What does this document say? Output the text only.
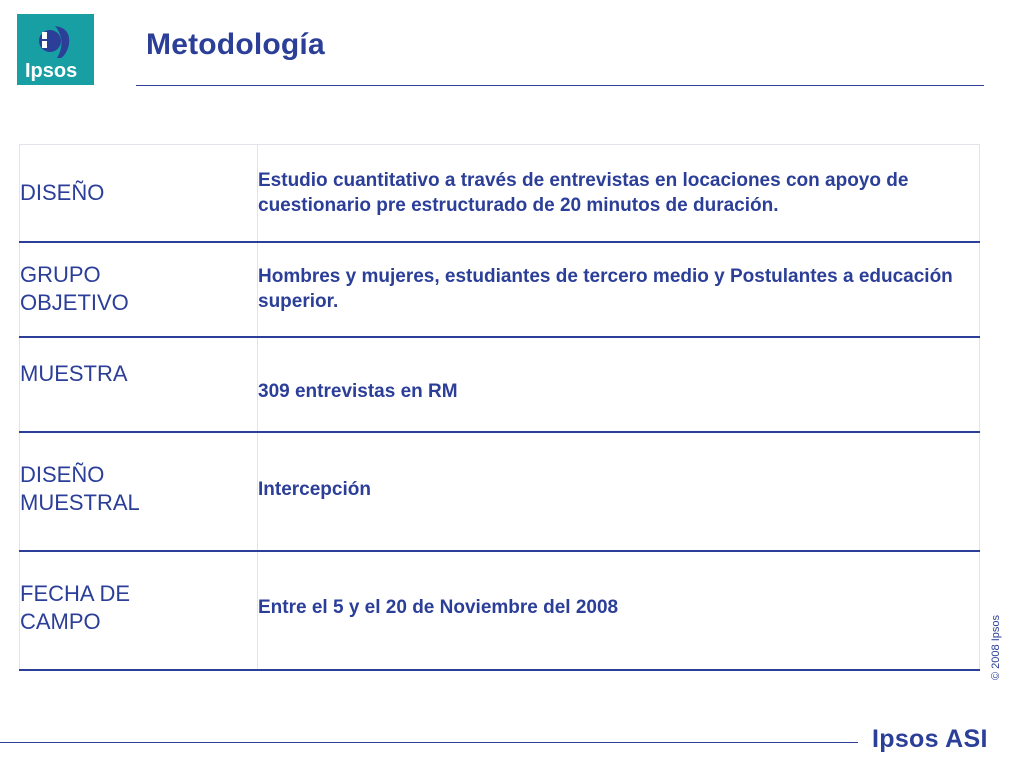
Ipsos
Metodología
DISEÑO	Estudio cuantitativo a través de entrevistas en locaciones con apoyo de cuestionario pre estructurado de 20 minutos de duración.

GRUPO OBJETIVO	Hombres y mujeres, estudiantes de tercero medio y Postulantes a educación superior.

MUESTRA	309 entrevistas en RM

DISEÑO MUESTRAL	Intercepción

FECHA DE CAMPO	Entre el 5 y el 20 de Noviembre del 2008
© 2008 Ipsos
Ipsos ASI
